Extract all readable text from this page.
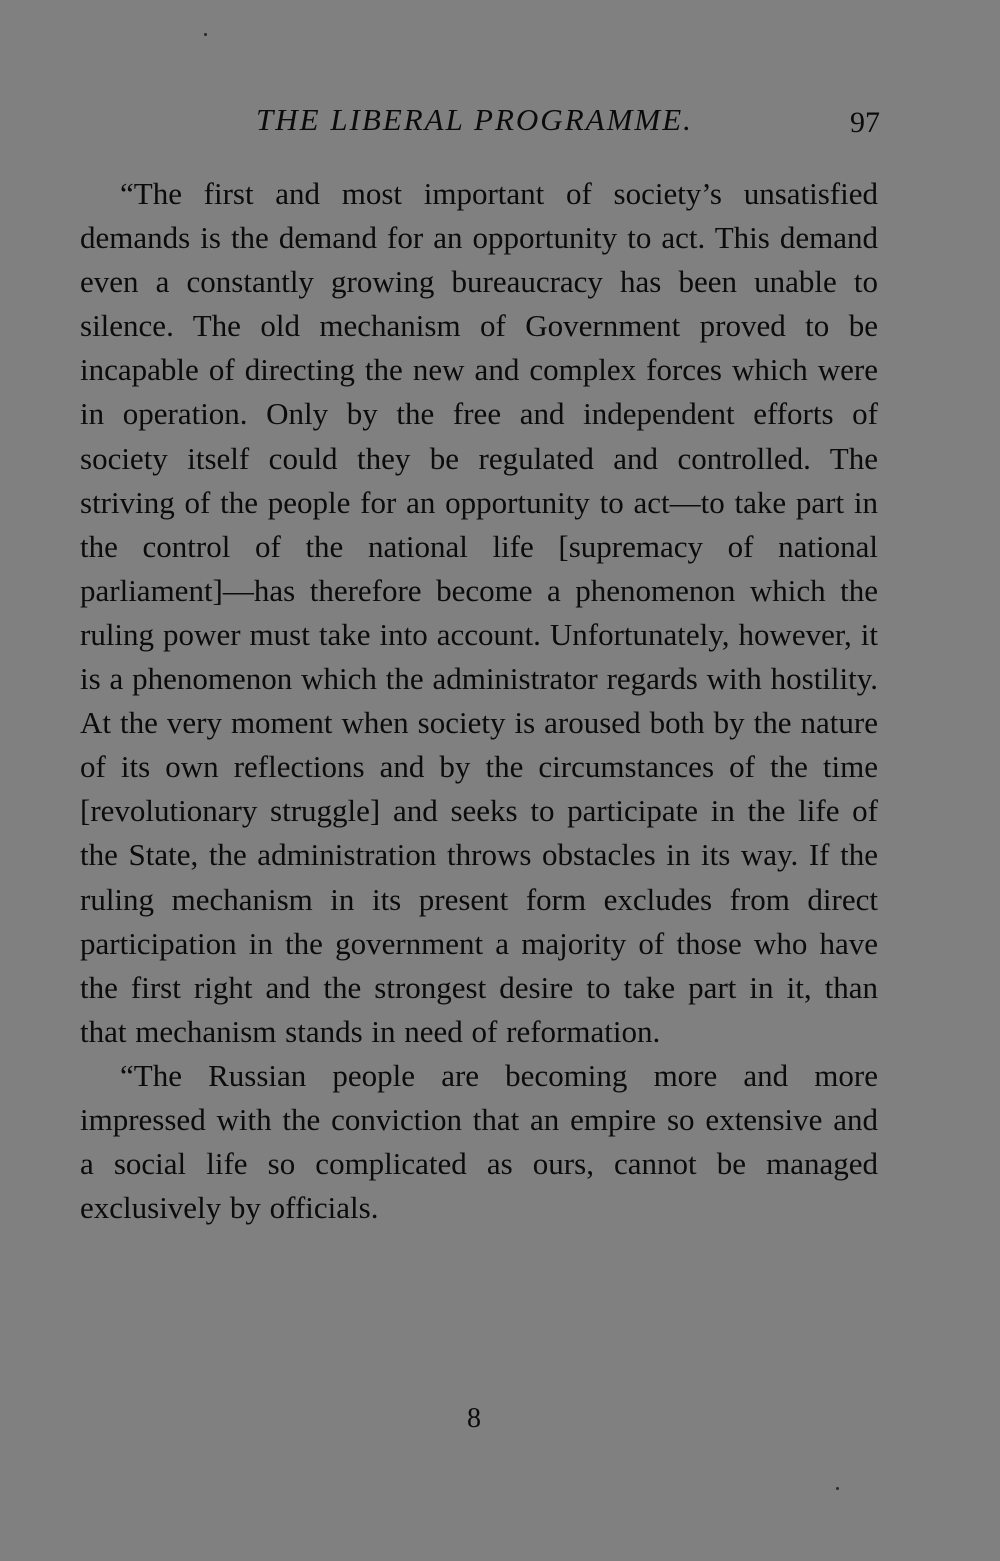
THE LIBERAL PROGRAMME.	97

“The first and most important of society’s unsatisfied demands is the demand for an opportunity to act. This demand even a constantly growing bureaucracy has been unable to silence. The old mechanism of Government proved to be incapable of directing the new and complex forces which were in operation. Only by the free and independent efforts of society itself could they be regulated and controlled. The striving of the people for an opportunity to act—to take part in the control of the national life [supremacy of national parliament]—has therefore become a phenomenon which the ruling power must take into account. Unfortunately, however, it is a phenomenon which the administrator regards with hostility. At the very moment when society is aroused both by the nature of its own reflections and by the circumstances of the time [revolutionary struggle] and seeks to participate in the life of the State, the administration throws obstacles in its way. If the ruling mechanism in its present form excludes from direct participation in the government a majority of those who have the first right and the strongest desire to take part in it, than that mechanism stands in need of reformation.

“The Russian people are becoming more and more impressed with the conviction that an empire so extensive and a social life so complicated as ours, cannot be managed exclusively by officials.

8
